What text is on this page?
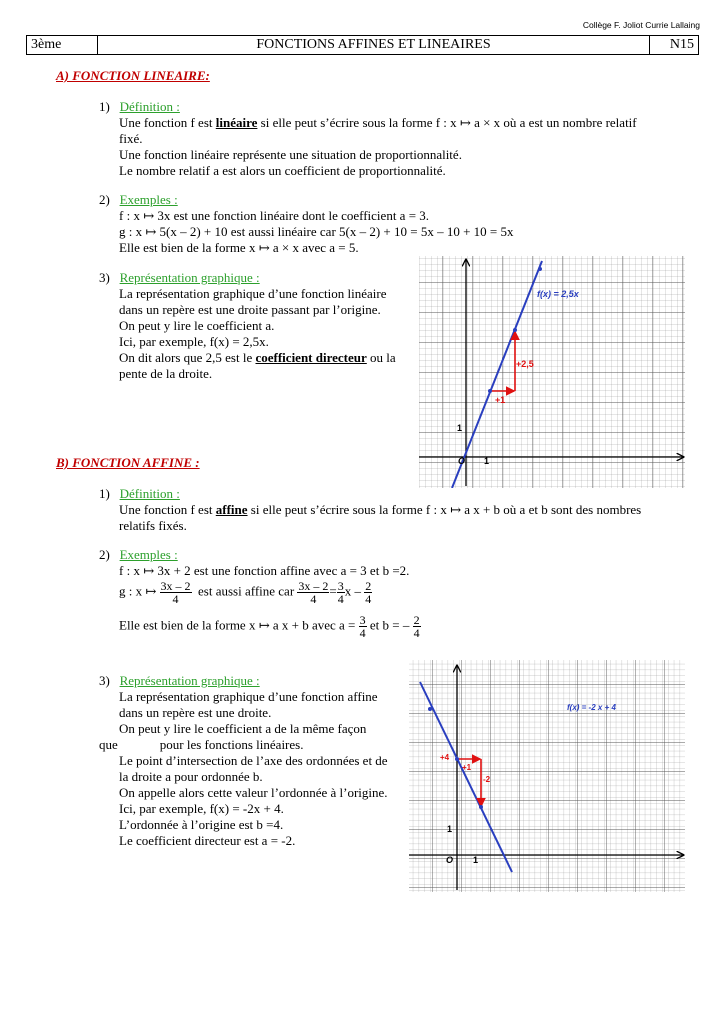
Collège F. Joliot Currie Lallaing
3ème	FONCTIONS AFFINES ET LINEAIRES	N15
A) FONCTION LINEAIRE:
1)   Définition :
Une fonction f est linéaire si elle peut s’écrire sous la forme f : x ↦ a × x où a est un nombre relatif
fixé.
Une fonction linéaire représente une situation de proportionnalité.
Le nombre relatif a est alors un coefficient de proportionnalité.
2)   Exemples :
f : x ↦ 3x est une fonction linéaire dont le coefficient a = 3.
g : x ↦ 5(x – 2) + 10 est aussi linéaire car 5(x – 2) + 10 = 5x – 10 + 10 = 5x
Elle est bien de la forme x ↦ a × x avec a = 5.
3)   Représentation graphique :
La représentation graphique d’une fonction linéaire
dans un repère est une droite passant par l’origine.
On peut y lire le coefficient a.
Ici, par exemple, f(x) = 2,5x.
On dit alors que 2,5 est le coefficient directeur ou la
pente de la droite.
f(x) = 2,5x
+2,5
+1
O 1
1
B) FONCTION AFFINE :
1)   Définition :
Une fonction f est affine si elle peut s’écrire sous la forme f : x ↦ a x + b où a et b sont des nombres
relatifs fixés.
2)   Exemples :
f : x ↦ 3x + 2 est une fonction affine avec a = 3 et b =2.
g : x ↦ $\frac{3x - 2}{4}$ est aussi affine car $\frac{3x - 2}{4} = \frac{3}{4}$ x – $\frac{2}{4}$
Elle est bien de la forme x ↦ a x + b avec $a = \frac{3}{4}$ et b = – $\frac{2}{4}$
3)   Représentation graphique :
La représentation graphique d’une fonction affine
dans un repère est une droite.
On peut y lire le coefficient a de la même façon
que	pour les fonctions linéaires.
Le point d’intersection de l’axe des ordonnées et de
la droite a pour ordonnée b.
On appelle alors cette valeur l’ordonnée à l’origine.
Ici, par exemple, f(x) = -2x + 4.
L’ordonnée à l’origine est b =4.
Le coefficient directeur est a = -2.
f(x) = -2 x + 4
+4
+1
-2
O 1
1
